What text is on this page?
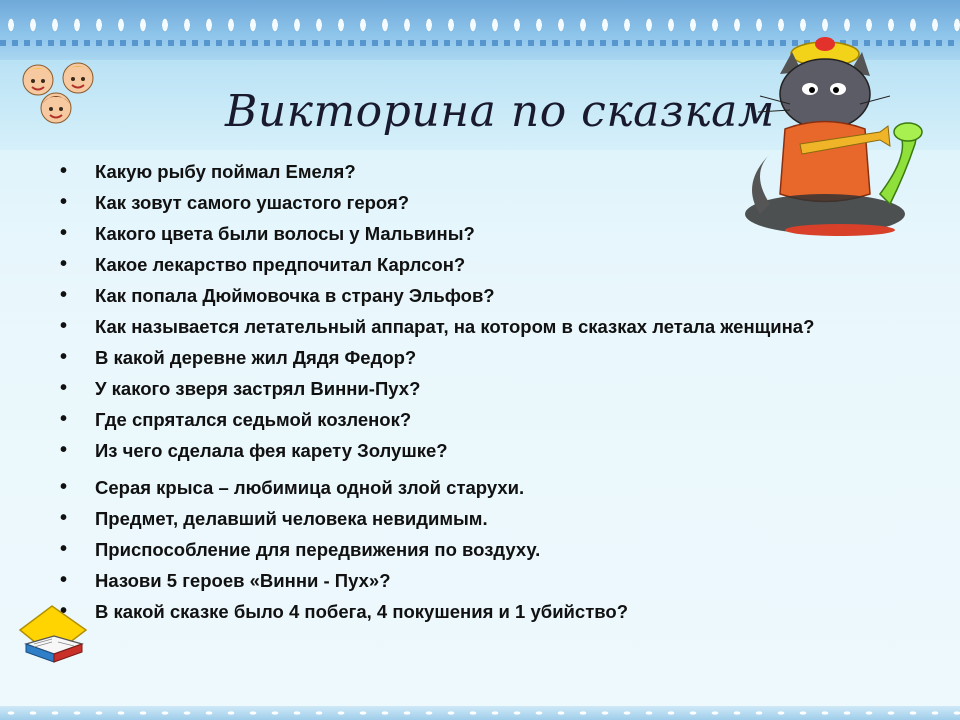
Викторина по сказкам
• Какую рыбу поймал Емеля?
• Как зовут самого ушастого героя?
• Какого цвета были волосы у Мальвины?
• Какое лекарство предпочитал Карлсон?
• Как попала Дюймовочка в страну Эльфов?
• Как называется летательный аппарат, на котором в сказках летала женщина?
• В какой деревне жил Дядя Федор?
• У какого зверя застрял Винни-Пух?
• Где спрятался седьмой козленок?
• Из чего сделала фея карету Золушке?
• Серая крыса – любимица одной злой старухи.
• Предмет, делавший человека невидимым.
• Приспособление для передвижения по воздуху.
• Назови 5 героев «Винни - Пух»?
• В какой сказке было 4 побега, 4 покушения и 1 убийство?
